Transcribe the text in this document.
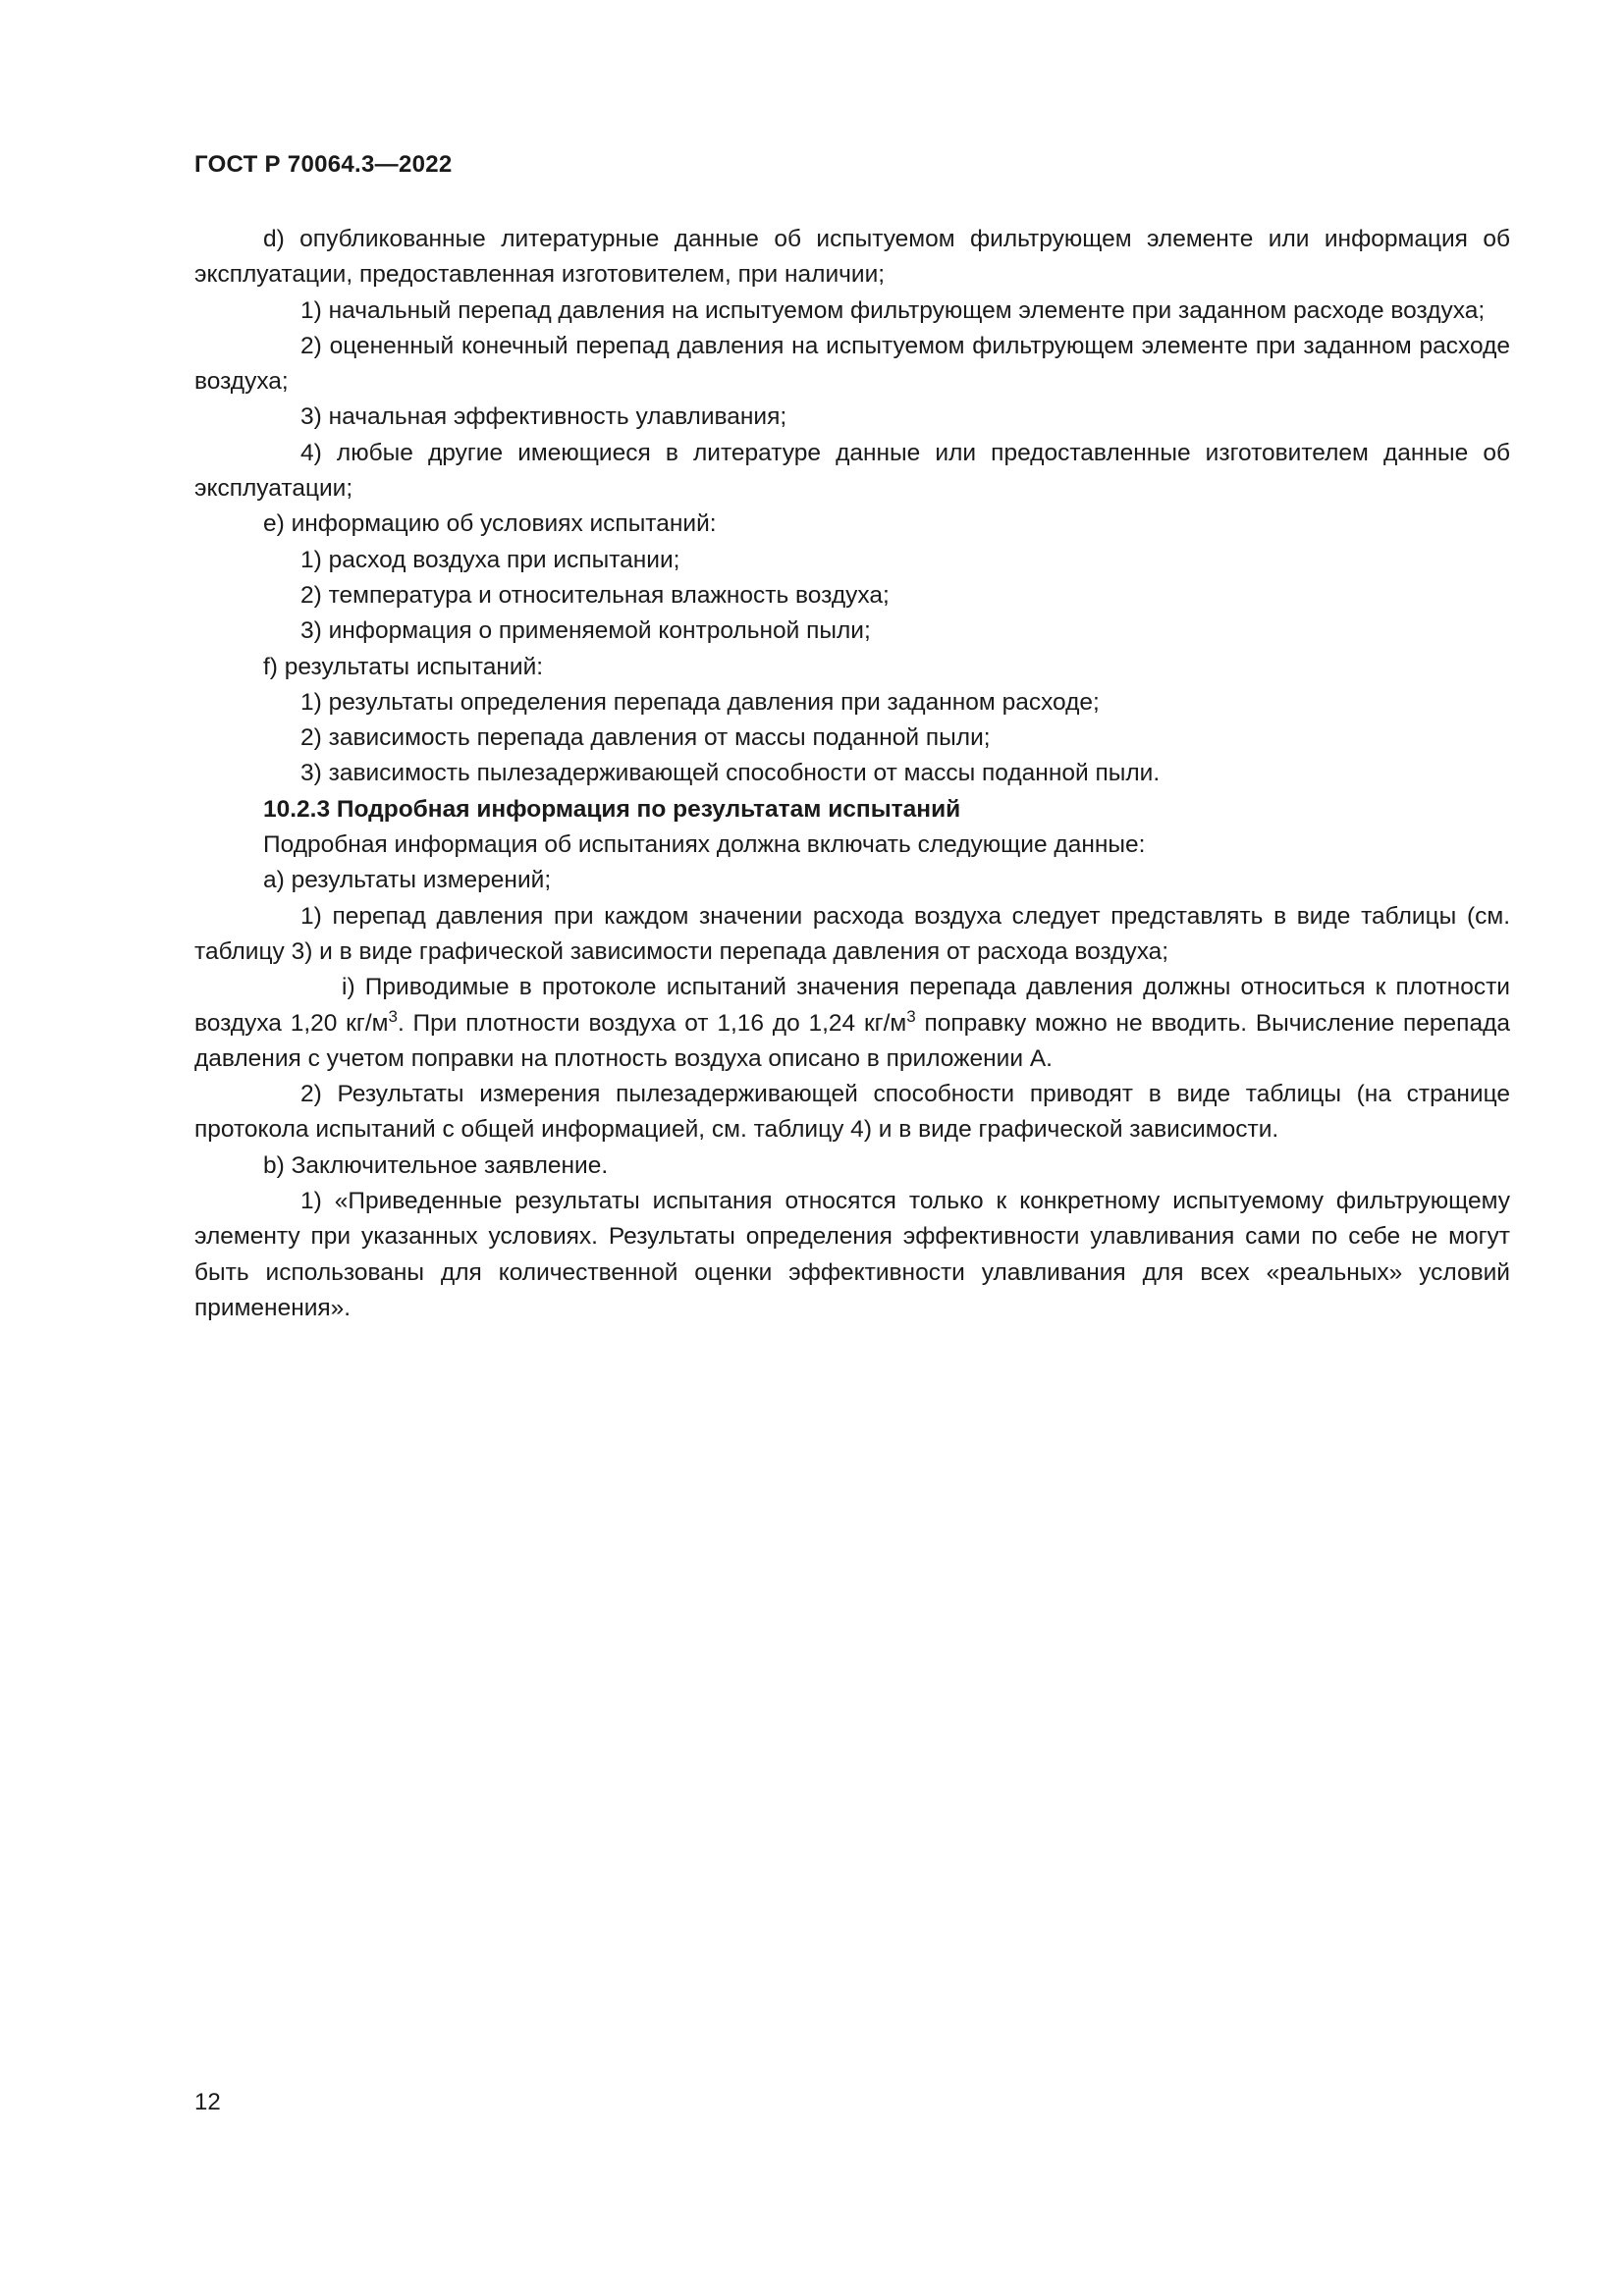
ГОСТ Р 70064.3—2022

d) опубликованные литературные данные об испытуемом фильтрующем элементе или информация об эксплуатации, предоставленная изготовителем, при наличии;

1) начальный перепад давления на испытуемом фильтрующем элементе при заданном расходе воздуха;

2) оцененный конечный перепад давления на испытуемом фильтрующем элементе при заданном расходе воздуха;

3) начальная эффективность улавливания;

4) любые другие имеющиеся в литературе данные или предоставленные изготовителем данные об эксплуатации;

e) информацию об условиях испытаний:

1) расход воздуха при испытании;

2) температура и относительная влажность воздуха;

3) информация о применяемой контрольной пыли;

f) результаты испытаний:

1) результаты определения перепада давления при заданном расходе;

2) зависимость перепада давления от массы поданной пыли;

3) зависимость пылезадерживающей способности от массы поданной пыли.

10.2.3 Подробная информация по результатам испытаний

Подробная информация об испытаниях должна включать следующие данные:

a) результаты измерений;

1) перепад давления при каждом значении расхода воздуха следует представлять в виде таблицы (см. таблицу 3) и в виде графической зависимости перепада давления от расхода воздуха;

i) Приводимые в протоколе испытаний значения перепада давления должны относиться к плотности воздуха 1,20 $кг/м^3$. При плотности воздуха от 1,16 до 1,24 $кг/м^3$ поправку можно не вводить. Вычисление перепада давления с учетом поправки на плотность воздуха описано в приложении А.

2) Результаты измерения пылезадерживающей способности приводят в виде таблицы (на странице протокола испытаний с общей информацией, см. таблицу 4) и в виде графической зависимости.

b) Заключительное заявление.

1) «Приведенные результаты испытания относятся только к конкретному испытуемому фильтрующему элементу при указанных условиях. Результаты определения эффективности улавливания сами по себе не могут быть использованы для количественной оценки эффективности улавливания для всех «реальных» условий применения».

12
